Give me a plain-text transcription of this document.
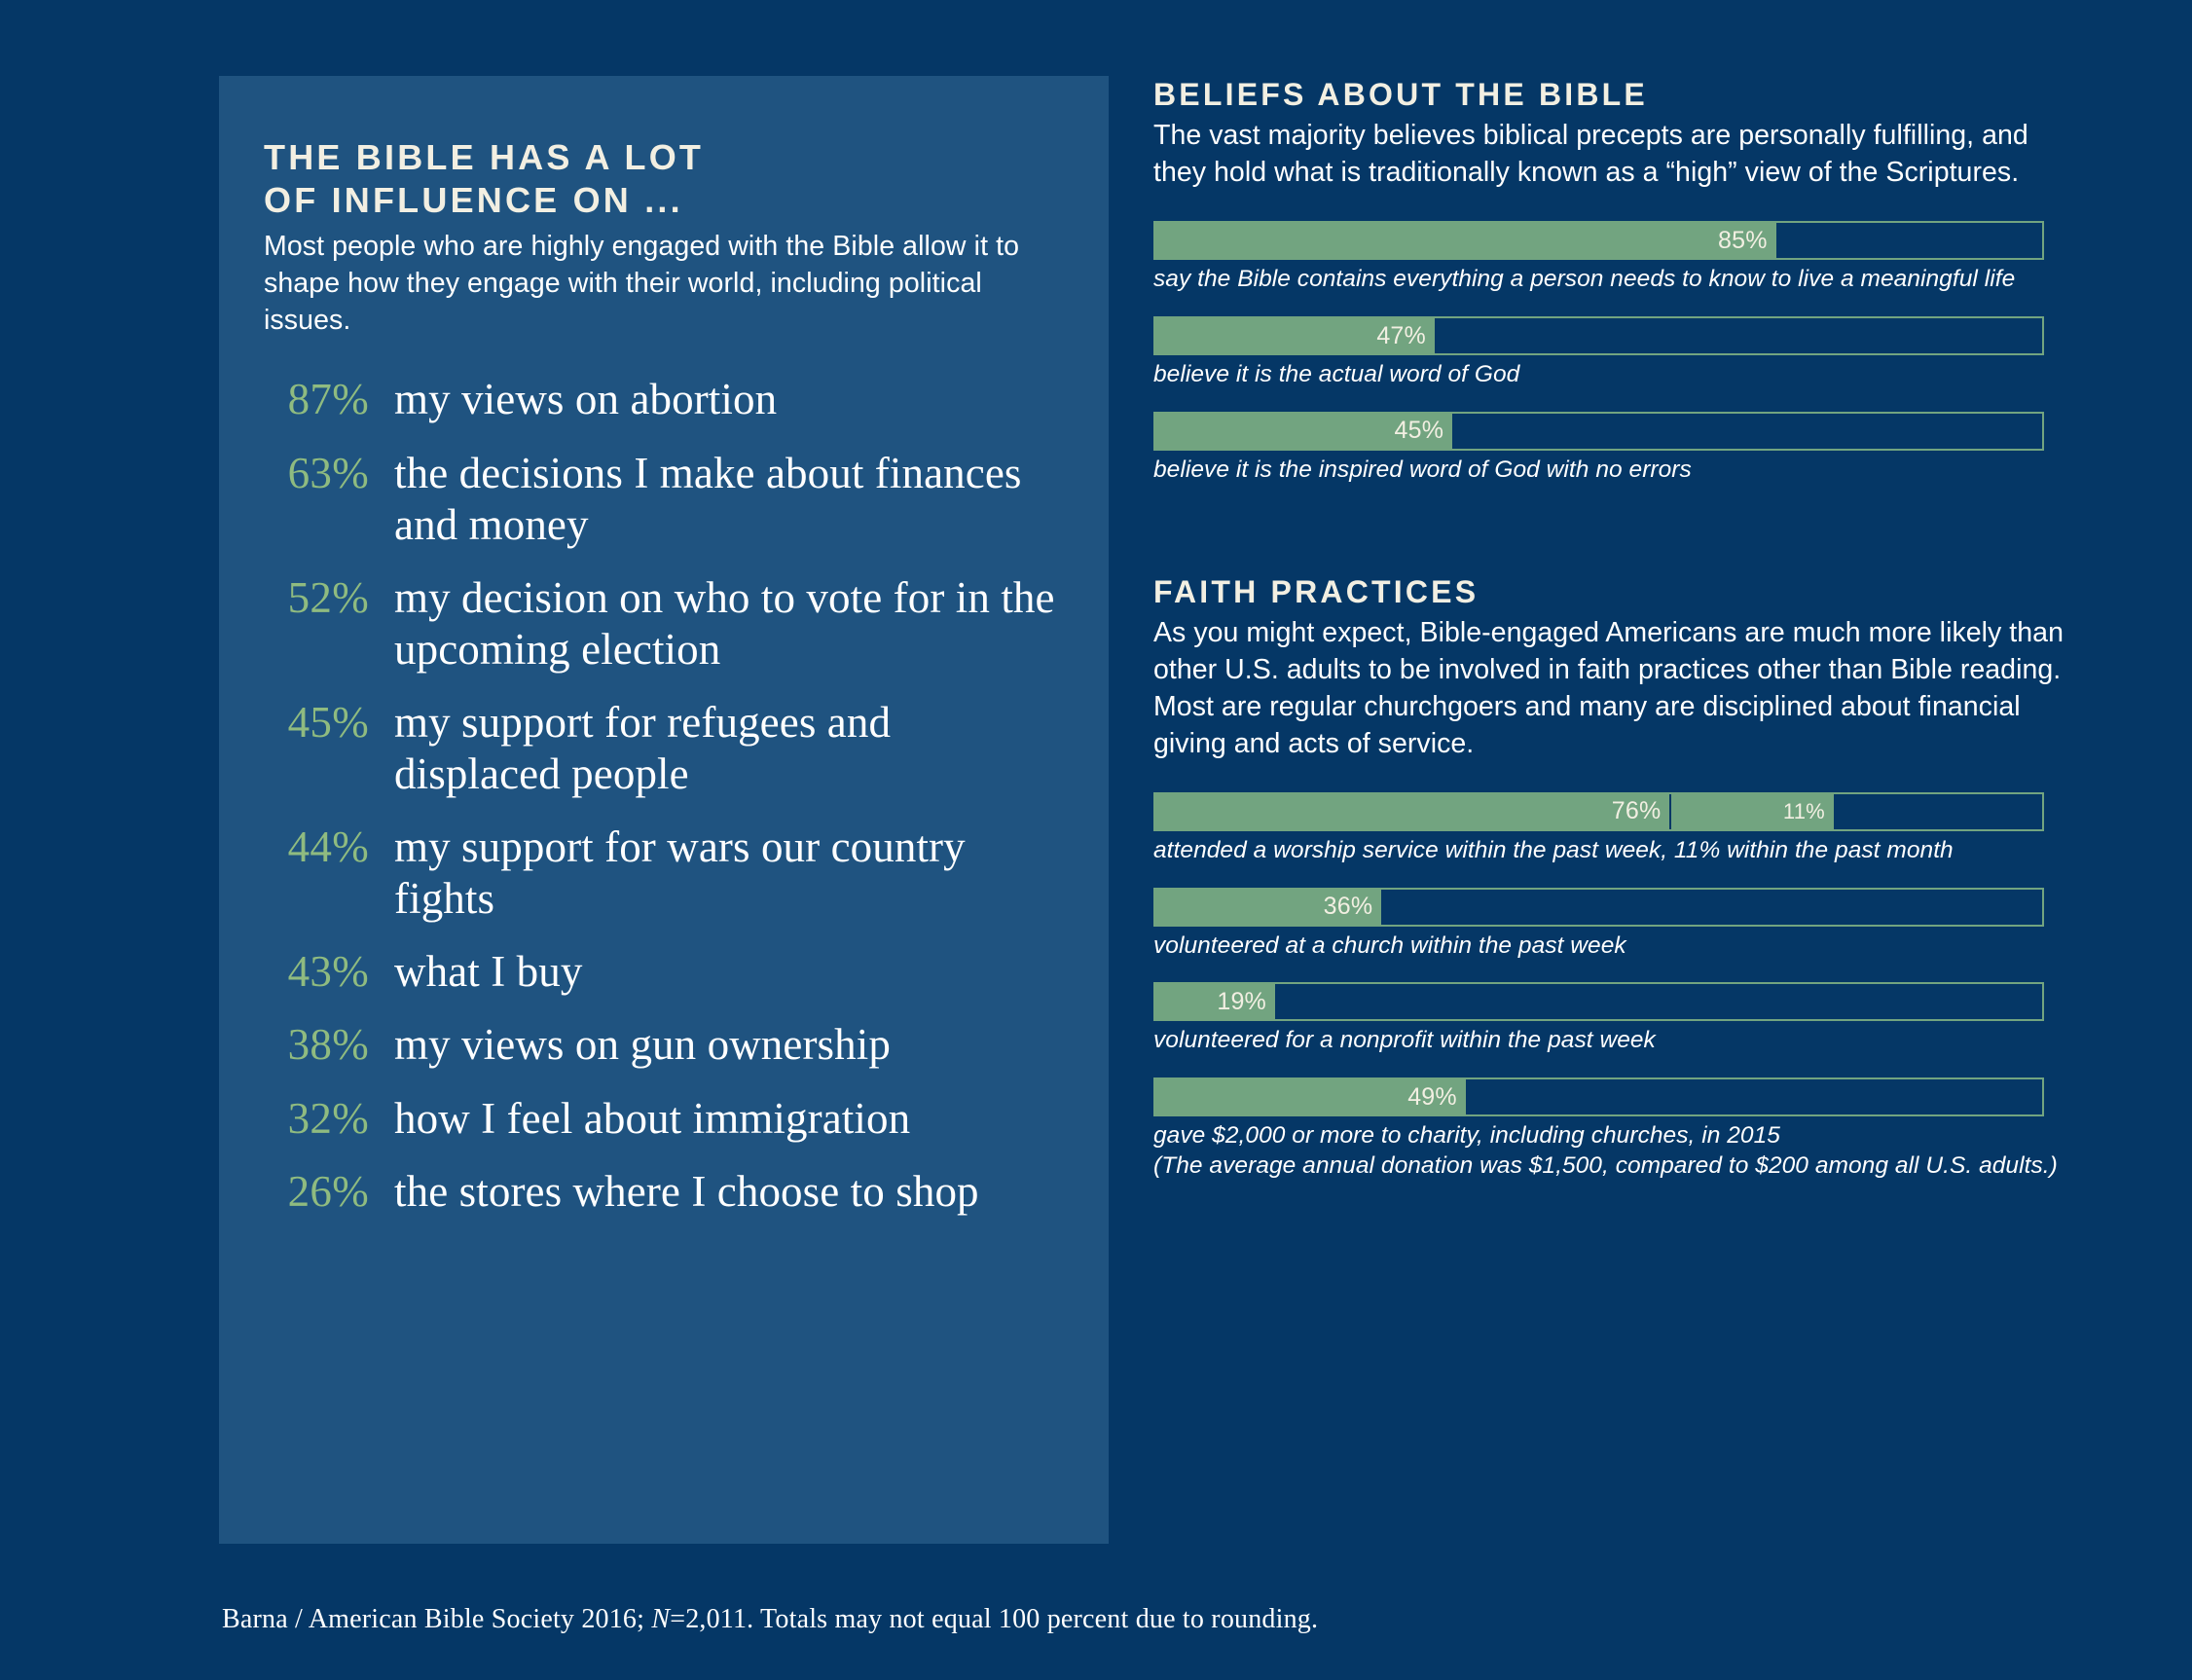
THE BIBLE HAS A LOT
OF INFLUENCE ON ...
Most people who are highly engaged with the Bible allow it to shape how they engage with their world, including political issues.
87% my views on abortion
63% the decisions I make about finances and money
52% my decision on who to vote for in the upcoming election
45% my support for refugees and displaced people
44% my support for wars our country fights
43% what I buy
38% my views on gun ownership
32% how I feel about immigration
26% the stores where I choose to shop
BELIEFS ABOUT THE BIBLE
The vast majority believes biblical precepts are personally fulfilling, and they hold what is traditionally known as a “high” view of the Scriptures.
85%
say the Bible contains everything a person needs to know to live a meaningful life
47%
believe it is the actual word of God
45%
believe it is the inspired word of God with no errors
FAITH PRACTICES
As you might expect, Bible-engaged Americans are much more likely than other U.S. adults to be involved in faith practices other than Bible reading. Most are regular churchgoers and many are disciplined about financial giving and acts of service.
76%	11%
attended a worship service within the past week, 11% within the past month
36%
volunteered at a church within the past week
19%
volunteered for a nonprofit within the past week
49%
gave $2,000 or more to charity, including churches, in 2015
(The average annual donation was $1,500, compared to $200 among all U.S. adults.)
Barna / American Bible Society 2016; N=2,011. Totals may not equal 100 percent due to rounding.
